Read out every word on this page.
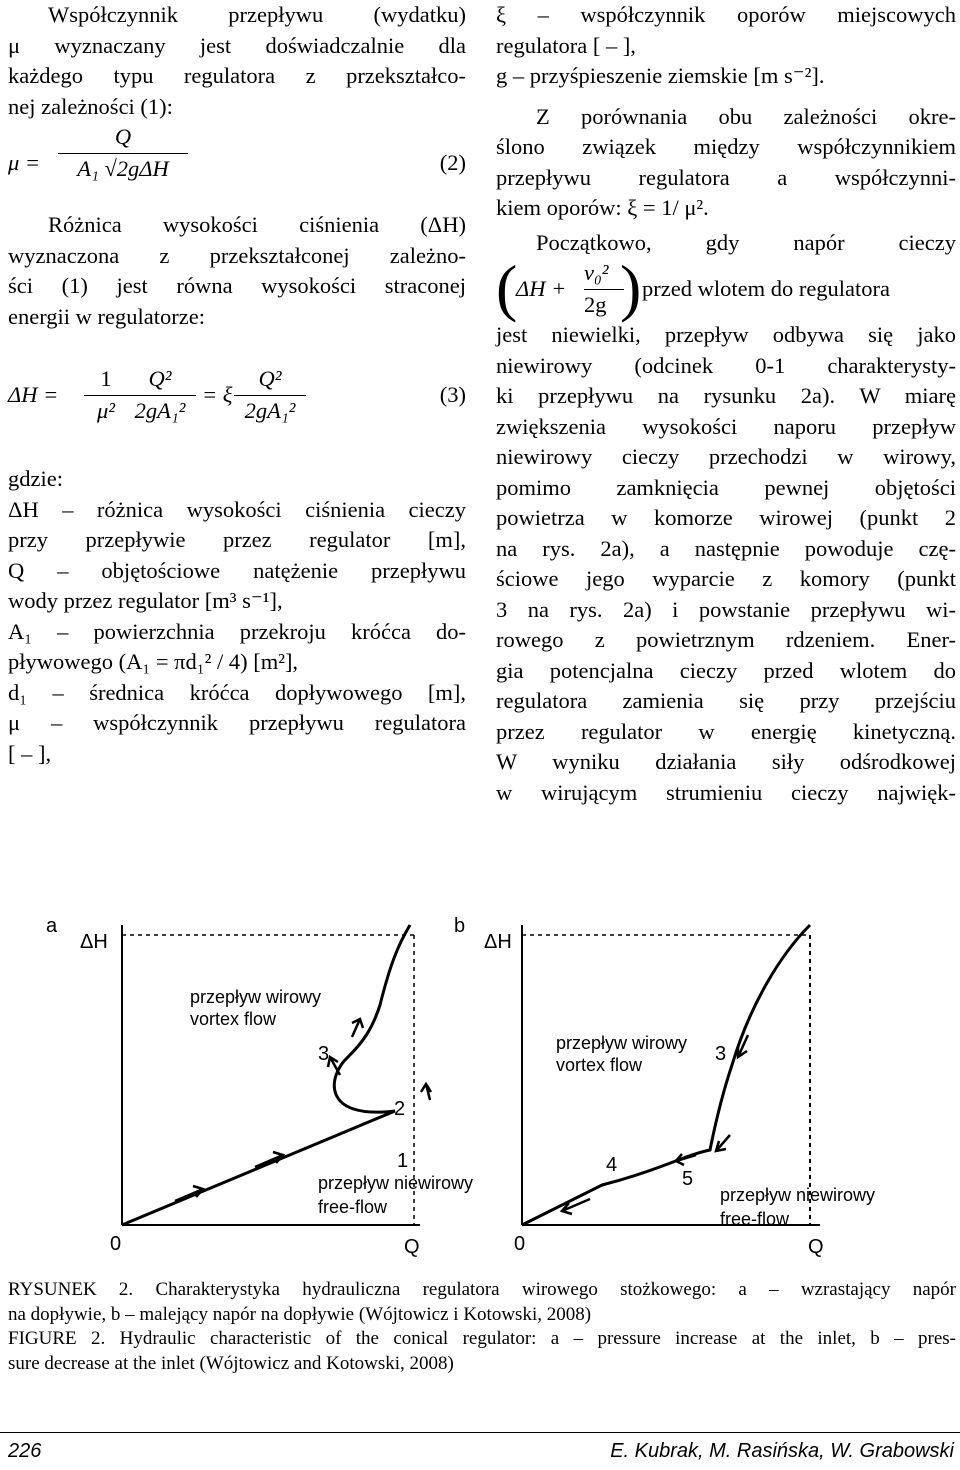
Współczynnik przepływu (wydatku)
μ wyznaczany jest doświadczalnie dla
każdego typu regulatora z przekształco-
nej zależności (1):
μ =
Q
A₁ √2gΔH	(2)
Różnica wysokości ciśnienia (ΔH)
wyznaczona z przekształconej zależno-
ści (1) jest równa wysokości straconej
energii w regulatorze:
$\Delta H = \frac{1}{\text{μ²}}$
$\frac{\text{Q²}}{\text{2gA₁²}} = \xi \frac{\text{Q²}}{\text{2gA₁²}}$	(3)
gdzie:
ΔH – różnica wysokości ciśnienia cieczy
przy przepływie przez regulator [m],
Q – objętościowe natężenie przepływu
wody przez regulator [m³ s⁻¹],
A₁ – powierzchnia przekroju króćca do-
pływowego (A₁ = πd₁² / 4) [m²],
d₁ – średnica króćca dopływowego [m],
μ – współczynnik przepływu regulatora
[ – ],
ξ – współczynnik oporów miejscowych
regulatora [ – ],
g – przyśpieszenie ziemskie [m s⁻²].
Z porównania obu zależności okre-
ślono związek między współczynnikiem
przepływu regulatora a współczynni-
kiem oporów: ξ = 1/ μ².
Początkowo, gdy napór cieczy
(
$\Delta H + \frac{\text{v₀²}}{2g}$
) przed wlotem do regulatora
jest niewielki, przepływ odbywa się jako
niewirowy (odcinek 0-1 charakterysty-
ki przepływu na rysunku 2a). W miarę
zwiększenia wysokości naporu przepływ
niewirowy cieczy przechodzi w wirowy,
pomimo zamknięcia pewnej objętości
powietrza w komorze wirowej (punkt 2
na rys. 2a), a następnie powoduje czę-
ściowe jego wyparcie z komory (punkt
3 na rys. 2a) i powstanie przepływu wi-
rowego z powietrznym rdzeniem. Ener-
gia potencjalna cieczy przed wlotem do
regulatora zamienia się przy przejściu
przez regulator w energię kinetyczną.
W wyniku działania siły odśrodkowej
w wirującym strumieniu cieczy najwięk-
a
ΔH
przepływ wirowy
vortex flow
3
2
1
przepływ niewirowy
free-flow
0	Q
b
ΔH
przepływ wirowy
vortex flow	3
4
5
przepływ niewirowy
free-flow
0	Q
RYSUNEK 2. Charakterystyka hydrauliczna regulatora wirowego stożkowego: a – wzrastający napór
na dopływie, b – malejący napór na dopływie (Wójtowicz i Kotowski, 2008)
FIGURE 2. Hydraulic characteristic of the conical regulator: a – pressure increase at the inlet, b – pres-
sure decrease at the inlet (Wójtowicz and Kotowski, 2008)
226	E. Kubrak, M. Rasińska, W. Grabowski
